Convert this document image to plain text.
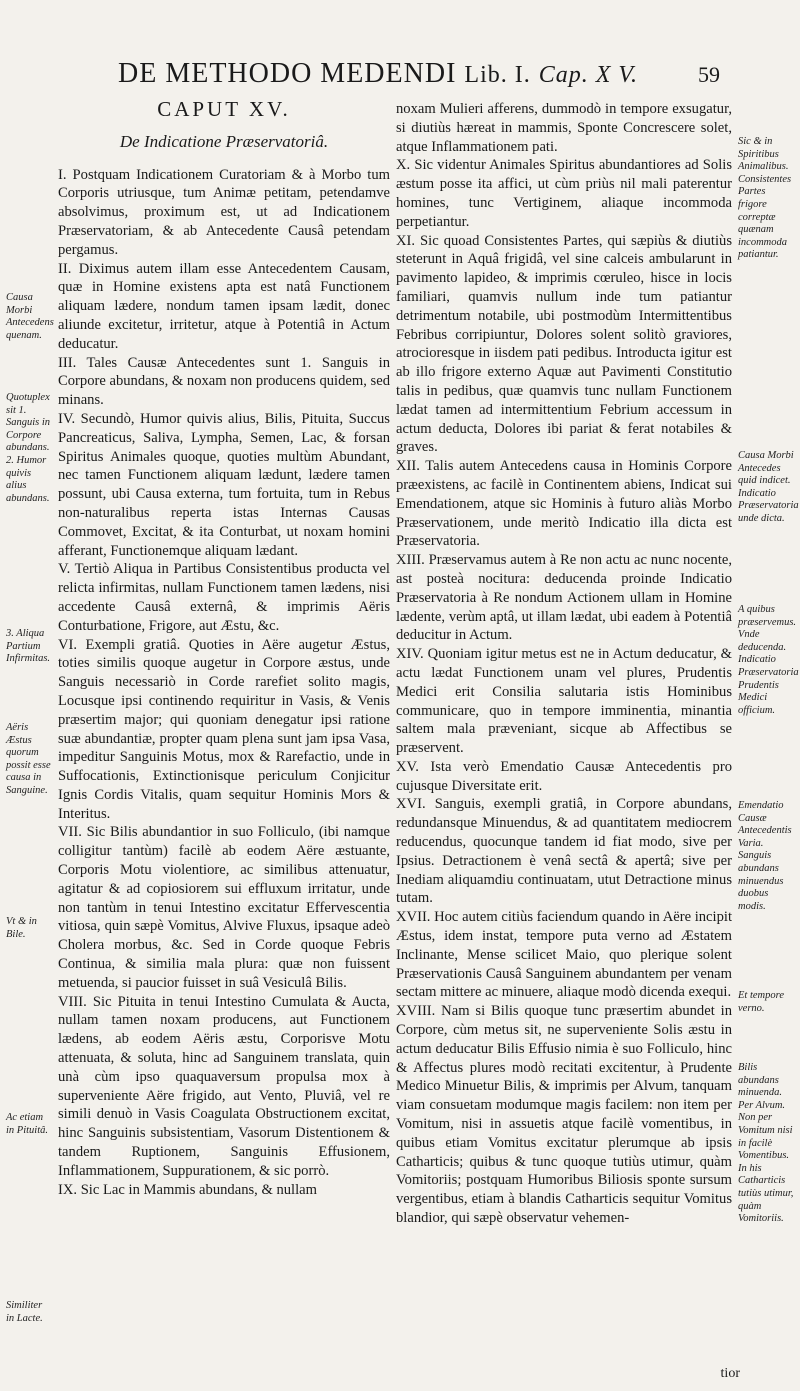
DE METHODO MEDENDI Lib. I. Cap. X V.	59

CAPUT XV.

De Indicatione Præservatoriâ.

I. Postquam Indicationem Curatoriam & à Morbo tum Corporis utriusque, tum Animæ petitam, petendamve absolvimus, proximum est, ut ad Indicationem Præservatoriam, & ab Antecedente Causâ petendam pergamus.

II. Diximus autem illam esse Antecedentem Causam, quæ in Homine existens apta est natâ Functionem aliquam lædere, nondum tamen ipsam lædit, donec aliunde excitetur, irritetur, atque à Potentiâ in Actum deducatur.

III. Tales Causæ Antecedentes sunt 1. Sanguis in Corpore abundans, & noxam non producens quidem, sed minans.

IV. Secundò, Humor quivis alius, Bilis, Pituita, Succus Pancreaticus, Saliva, Lympha, Semen, Lac, & forsan Spiritus Animales quoque, quoties multùm Abundant, nec tamen Functionem aliquam lædunt, lædere tamen possunt, ubi Causa externa, tum fortuita, tum in Rebus non-naturalibus reperta istas Internas Causas Commovet, Excitat, & ita Conturbat, ut noxam homini afferant, Functionemque aliquam lædant.

V. Tertiò Aliqua in Partibus Consistentibus producta vel relicta infirmitas, nullam Functionem tamen lædens, nisi accedente Causâ externâ, & imprimis Aëris Conturbatione, Frigore, aut Æstu, &c.

VI. Exempli gratiâ. Quoties in Aëre augetur Æstus, toties similis quoque augetur in Corpore æstus, unde Sanguis necessariò in Corde rarefiet solito magis, Locusque ipsi continendo requiritur in Vasis, & Venis præsertim major; qui quoniam denegatur ipsi ratione suæ abundantiæ, propter quam plena sunt jam ipsa Vasa, impeditur Sanguinis Motus, mox & Rarefactio, unde in Suffocationis, Extinctionisque periculum Conjicitur Ignis Cordis Vitalis, quam sequitur Hominis Mors & Interitus.

VII. Sic Bilis abundantior in suo Folliculo, (ibi namque colligitur tantùm) facilè ab eodem Aëre æstuante, Corporis Motu violentiore, ac similibus attenuatur, agitatur & ad copiosiorem sui effluxum irritatur, unde non tantùm in tenui Intestino excitatur Effervescentia vitiosa, quin sæpè Vomitus, Alvive Fluxus, ipsaque adeò Cholera morbus, &c. Sed in Corde quoque Febris Continua, & similia mala plura: quæ non fuissent metuenda, si paucior fuisset in suâ Vesiculâ Bilis.

VIII. Sic Pituita in tenui Intestino Cumulata & Aucta, nullam tamen noxam producens, aut Functionem lædens, ab eodem Aëris æstu, Corporisve Motu attenuata, & soluta, hinc ad Sanguinem translata, quin unà cùm ipso quaquaversum propulsa mox à superveniente Aëre frigido, aut Vento, Pluviâ, vel re simili denuò in Vasis Coagulata Obstructionem excitat, hinc Sanguinis subsistentiam, Vasorum Distentionem & tandem Ruptionem, Sanguinis Effusionem, Inflammationem, Suppurationem, & sic porrò.

IX. Sic Lac in Mammis abundans, & nullam

noxam Mulieri afferens, dummodò in tempore exsugatur, si diutiùs hæreat in mammis, Sponte Concrescere solet, atque Inflammationem pati.

X. Sic videntur Animales Spiritus abundantiores ad Solis æstum posse ita affici, ut cùm priùs nil mali paterentur homines, tunc Vertiginem, aliaque incommoda perpetiantur.

XI. Sic quoad Consistentes Partes, qui sæpiùs & diutiùs steterunt in Aquâ frigidâ, vel sine calceis ambularunt in pavimento lapideo, & imprimis cœruleo, hisce in locis familiari, quamvis nullum inde tum patiantur detrimentum notabile, ubi postmodùm Intermittentibus Febribus corripiuntur, Dolores solent solitò graviores, atrocioresque in iisdem pati pedibus. Introducta igitur est ab illo frigore externo Aquæ aut Pavimenti Constitutio talis in pedibus, quæ quamvis tunc nullam Functionem lædat tamen ad intermittentium Febrium accessum in actum deducta, Dolores ibi pariat & ferat notabiles & graves.

XII. Talis autem Antecedens causa in Hominis Corpore præexistens, ac facilè in Continentem abiens, Indicat sui Emendationem, atque sic Hominis à futuro aliàs Morbo Præservationem, unde meritò Indicatio illa dicta est Præservatoria.

XIII. Præservamus autem à Re non actu ac nunc nocente, ast posteà nocitura: deducenda proinde Indicatio Præservatoria à Re nondum Actionem ullam in Homine lædente, verùm aptâ, ut illam lædat, ubi eadem à Potentiâ deducitur in Actum.

XIV. Quoniam igitur metus est ne in Actum deducatur, & actu lædat Functionem unam vel plures, Prudentis Medici erit Consilia salutaria istis Hominibus communicare, quo in tempore imminentia, minantia saltem mala præveniant, sicque ab Affectibus se præservent.

XV. Ista verò Emendatio Causæ Antecedentis pro cujusque Diversitate erit.

XVI. Sanguis, exempli gratiâ, in Corpore abundans, redundansque Minuendus, & ad quantitatem mediocrem reducendus, quocunque tandem id fiat modo, sive per Ipsius. Detractionem è venâ sectâ & apertâ; sive per Inediam aliquamdiu continuatam, utut Detractione minus tutam.

XVII. Hoc autem citiùs faciendum quando in Aëre incipit Æstus, idem instat, tempore puta verno ad Æstatem Inclinante, Mense scilicet Maio, quo plerique solent Præservationis Causâ Sanguinem abundantem per venam sectam mittere ac minuere, aliaque modò dicenda exequi.

XVIII. Nam si Bilis quoque tunc præsertim abundet in Corpore, cùm metus sit, ne superveniente Solis æstu in actum deducatur Bilis Effusio nimia è suo Folliculo, hinc & Affectus plures modò recitati excitentur, à Prudente Medico Minuetur Bilis, & imprimis per Alvum, tanquam viam consuetam modumque magis facilem: non item per Vomitum, nisi in assuetis atque facilè vomentibus, in quibus etiam Vomitus excitatur plerumque ab ipsis Catharticis; quibus & tunc quoque tutiùs utimur, quàm Vomitoriis; postquam Humoribus Biliosis sponte sursum vergentibus, etiam à blandis Catharticis sequitur Vomitus blandior, qui sæpè observatur vehemen-

tior
Causa Morbi Antecedens quenam.
Quotuplex sit 1. Sanguis in Corpore abundans. 2. Humor quivis alius abundans.
3. Aliqua Partium Infirmitas.
Aëris Æstus quorum possit esse causa in Sanguine.
Vt & in Bile.
Ac etiam in Pituitâ.
Similiter in Lacte.
Sic & in Spiritibus Animalibus. Consistentes Partes frigore correptæ quænam incommoda patiantur.
Causa Morbi Antecedes quid indicet. Indicatio Præservatoria unde dicta.
A quibus præservemus. Vnde deducenda. Indicatio Præservatoria Prudentis Medici officium.
Emendatio Causæ Antecedentis Varia. Sanguis abundans minuendus duobus modis.
Et tempore verno.
Bilis abundans minuenda. Per Alvum. Non per Vomitum nisi in facilè Vomentibus. In his Catharticis tutiùs utimur, quàm Vomitoriis.
